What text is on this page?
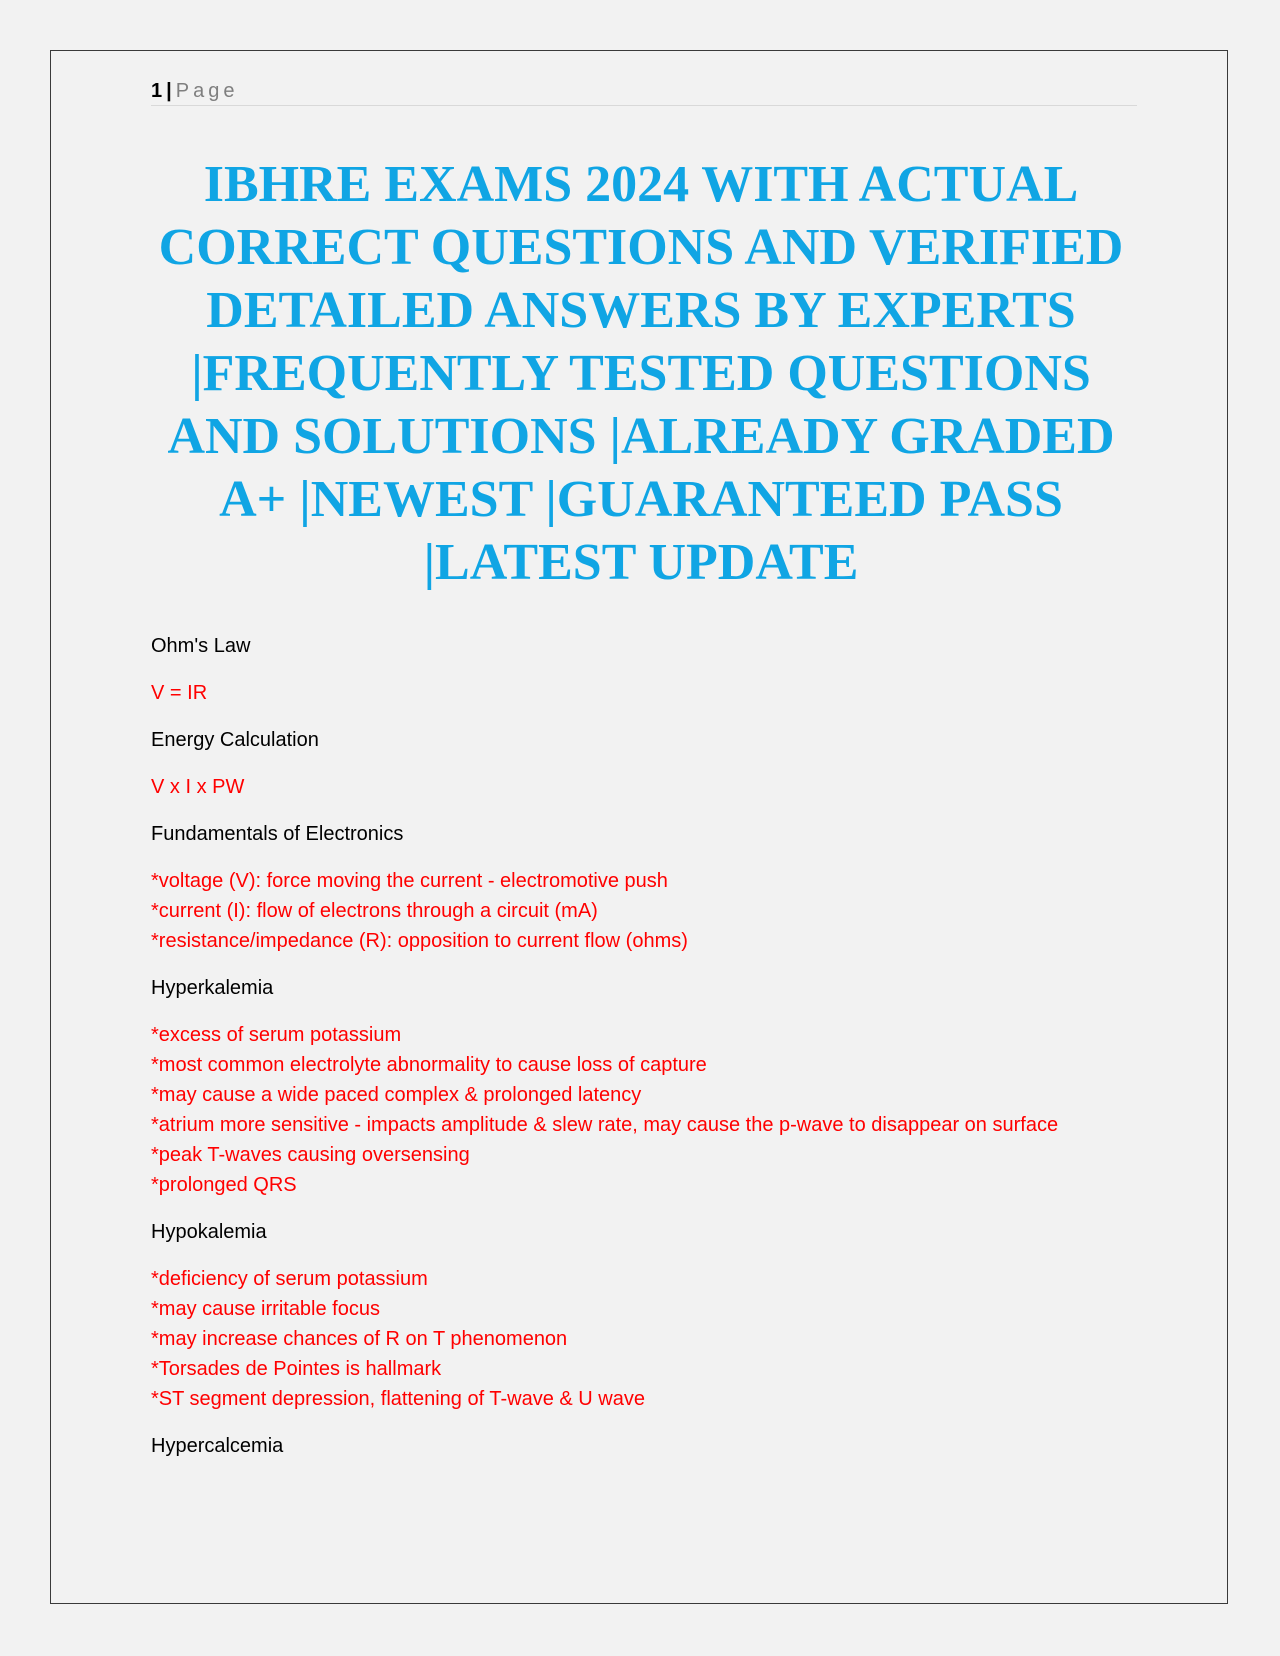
1 | Page
IBHRE EXAMS 2024 WITH ACTUAL
CORRECT QUESTIONS AND VERIFIED
DETAILED ANSWERS BY EXPERTS
|FREQUENTLY TESTED QUESTIONS
AND SOLUTIONS |ALREADY GRADED
A+ |NEWEST |GUARANTEED PASS
|LATEST UPDATE

Ohm's Law

V = IR

Energy Calculation

V x I x PW

Fundamentals of Electronics

*voltage (V): force moving the current - electromotive push
*current (I): flow of electrons through a circuit (mA)
*resistance/impedance (R): opposition to current flow (ohms)

Hyperkalemia

*excess of serum potassium
*most common electrolyte abnormality to cause loss of capture
*may cause a wide paced complex & prolonged latency
*atrium more sensitive - impacts amplitude & slew rate, may cause the p-wave to disappear on surface
*peak T-waves causing oversensing
*prolonged QRS

Hypokalemia

*deficiency of serum potassium
*may cause irritable focus
*may increase chances of R on T phenomenon
*Torsades de Pointes is hallmark
*ST segment depression, flattening of T-wave & U wave

Hypercalcemia
